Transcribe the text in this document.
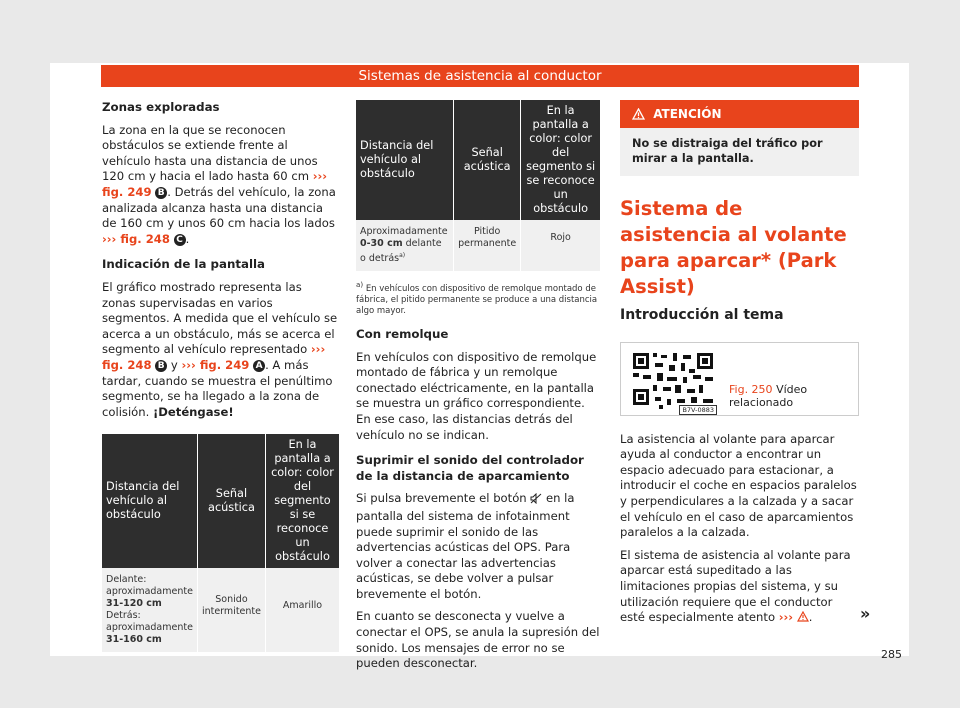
Sistemas de asistencia al conductor

Zonas exploradas

La zona en la que se reconocen obstáculos se extiende frente al vehículo hasta una distancia de unos 120 cm y hacia el lado hasta 60 cm ››› fig. 249 B . Detrás del vehículo, la zona analizada alcanza hasta una distancia de 160 cm y unos 60 cm hacia los lados ››› fig. 248 C .

Indicación de la pantalla

El gráfico mostrado representa las zonas supervisadas en varios segmentos. A medida que el vehículo se acerca a un obstáculo, más se acerca el segmento al vehículo representado ››› fig. 248 B y ››› fig. 249 A . A más tardar, cuando se muestra el penúltimo segmento, se ha llegado a la zona de colisión. ¡Deténgase!

Distancia del vehículo al obstáculo	Señal acústica	En la pantalla a color: color del segmento si se reconoce un obstáculo

Delante: aproximadamente
31-120 cm
Detrás: aproximadamente
31-160 cm	Sonido intermitente	Amarillo
Distancia del vehículo al obstáculo	Señal acústica	En la pantalla a color: color del segmento si se reconoce un obstáculo
Aproximadamente
0-30 cm delante o detrás$^{a)}$	Pitido permanente	Rojo
$^{a)}$ En vehículos con dispositivo de remolque montado de fábrica, el pitido permanente se produce a una distancia algo mayor.

Con remolque

En vehículos con dispositivo de remolque montado de fábrica y un remolque conectado eléctricamente, en la pantalla se muestra un gráfico correspondiente. En ese caso, las distancias detrás del vehículo no se indican.

Suprimir el sonido del controlador de la distancia de aparcamiento

Si pulsa brevemente el botón en la pantalla del sistema de infotainment puede suprimir el sonido de las advertencias acústicas del OPS. Para volver a conectar las advertencias acústicas, se debe volver a pulsar brevemente el botón.

En cuanto se desconecta y vuelve a conectar el OPS, se anula la supresión del sonido. Los mensajes de error no se pueden desconectar.

ATENCIÓN
No se distraiga del tráfico por mirar a la pantalla.
Sistema de asistencia al volante para aparcar* (Park Assist)
Introducción al tema
B7V-0883
Fig. 250 Vídeo relacionado

La asistencia al volante para aparcar ayuda al conductor a encontrar un espacio adecuado para estacionar, a introducir el coche en espacios paralelos y perpendiculares a la calzada y a sacar el vehículo en el caso de aparcamientos paralelos a la calzada.

El sistema de asistencia al volante para aparcar está supeditado a las limitaciones propias del sistema, y su utilización requiere que el conductor esté especialmente atento ››› .	»
285
